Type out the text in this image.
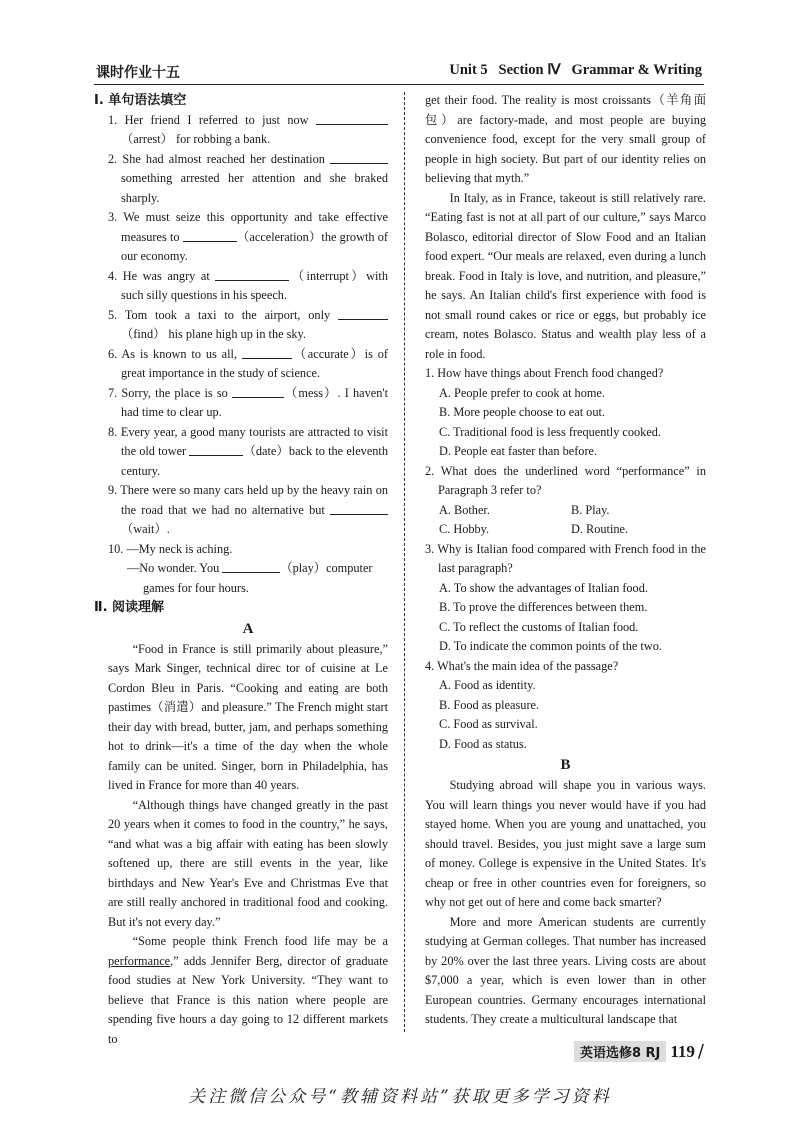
课时作业十五	Unit 5   Section Ⅳ   Grammar & Writing
Ⅰ. 单句语法填空
1. Her friend I referred to just now （arrest） for robbing a bank.
2. She had almost reached her destination  something arrested her attention and she braked sharply.
3. We must seize this opportunity and take effective measures to	（acceleration）the growth of our economy.
4. He was angry at	（interrupt）with such silly questions in his speech.
5. Tom took a taxi to the airport, only （find） his plane high up in the sky.
6. As is known to us all,	（accurate）is of great importance in the study of science.
7. Sorry, the place is so	（mess）. I haven't had time to clear up.
8. Every year, a good many tourists are attracted to visit the old tower	（date）back to the eleventh century.
9. There were so many cars held up by the heavy rain on the road that we had no alternative but  （wait）.
10. —My neck is aching.
—No wonder. You	（play）computer
games for four hours.
Ⅱ. 阅读理解
A
“Food in France is still primarily about pleasure,” says Mark Singer, technical direc tor of cuisine at Le Cordon Bleu in Paris. “Cooking and eating are both pastimes（消遣）and pleasure.” The French might start their day with bread, butter, jam, and perhaps something hot to drink—it's a time of the day when the whole family can be united. Singer, born in Philadelphia, has lived in France for more than 40 years.
“Although things have changed greatly in the past 20 years when it comes to food in the country,” he says, “and what was a big affair with eating has been slowly softened up, there are still events in the year, like birthdays and New Year's Eve and Christmas Eve that are still really anchored in traditional food and cooking. But it's not every day.”
“Some people think French food life may be a performance,” adds Jennifer Berg, director of graduate food studies at New York University. “They want to believe that France is this nation where people are spending five hours a day going to 12 different markets to
get their food. The reality is most croissants（羊角面包）are factory-made, and most people are buying convenience food, except for the very small group of people in high society. But part of our identity relies on believing that myth.”
In Italy, as in France, takeout is still relatively rare. “Eating fast is not at all part of our culture,” says Marco Bolasco, editorial director of Slow Food and an Italian food expert. “Our meals are relaxed, even during a lunch break. Food in Italy is love, and nutrition, and pleasure,” he says. An Italian child's first experience with food is not small round cakes or rice or eggs, but probably ice cream, notes Bolasco. Status and wealth play less of a role in food.
1. How have things about French food changed?
A. People prefer to cook at home.
B. More people choose to eat out.
C. Traditional food is less frequently cooked.
D. People eat faster than before.
2. What does the underlined word “performance” in Paragraph 3 refer to?
A. Bother.	B. Play.
C. Hobby.	D. Routine.
3. Why is Italian food compared with French food in the last paragraph?
A. To show the advantages of Italian food.
B. To prove the differences between them.
C. To reflect the customs of Italian food.
D. To indicate the common points of the two.
4. What's the main idea of the passage?
A. Food as identity.
B. Food as pleasure.
C. Food as survival.
D. Food as status.
B
Studying abroad will shape you in various ways. You will learn things you never would have if you had stayed home. When you are young and unattached, you should travel. Besides, you just might save a large sum of money. College is expensive in the United States. It's cheap or free in other countries even for foreigners, so why not get out of here and come back smarter?
More and more American students are currently studying at German colleges. That number has increased by 20% over the last three years. Living costs are about $7,000 a year, which is even lower than in other European countries. Germany encourages international students. They create a multicultural landscape that
英语选修8 RJ 119 /
关注微信公众号“教辅资料站”获取更多学习资料
